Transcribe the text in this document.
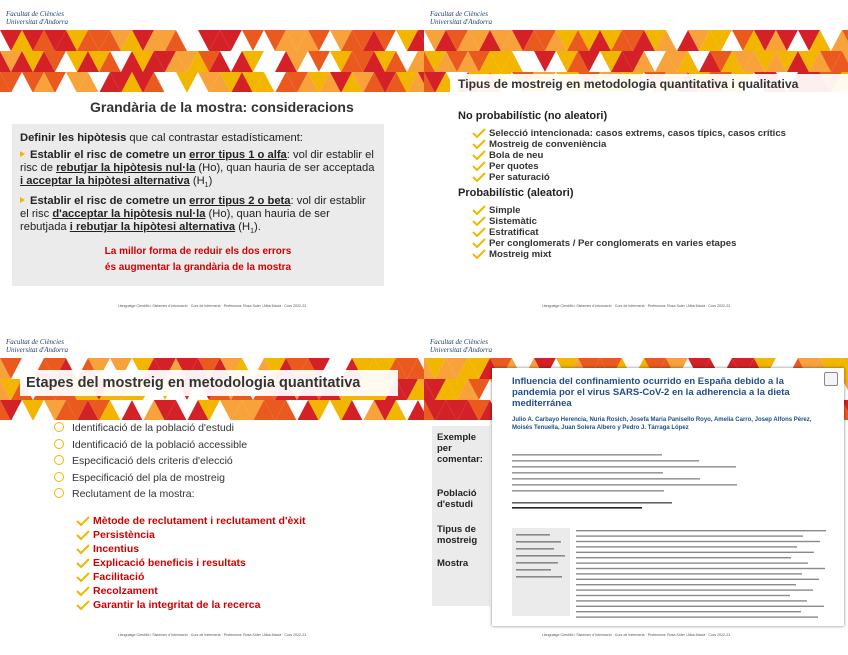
Facultat de Ciències
Universitat d'Andorra
Grandària de la mostra: consideracions
Definir les hipòtesis que cal contrastar estadísticament:
Establir el risc de cometre un error tipus 1 o alfa: vol dir establir el risc de rebutjar la hipòtesis nul·la (Ho), quan hauria de ser acceptada i acceptar la hipòtesi alternativa $(H_1)$
Establir el risc de cometre un error tipus 2 o beta: vol dir establir el risc d'acceptar la hipòtesis nul·la (Ho), quan hauria de ser rebutjada i rebutjar la hipòtesi alternativa $(H_1)$.
La millor forma de reduir els dos errors
és augmentar la grandària de la mostra
Llenguatge Científic i Sistemes d'Informació · Curs de Infermeria · Professora: Rosa Soler i Alba Macià · Curs 2022-23
Facultat de Ciències
Universitat d'Andorra
Tipus de mostreig en metodologia quantitativa i qualitativa
No probabilístic (no aleatori)
Selecció intencionada: casos extrems, casos típics, casos crítics
Mostreig de conveniència
Bola de neu
Per quotes
Per saturació
Probabilístic (aleatori)
Simple
Sistemàtic
Estratificat
Per conglomerats / Per conglomerats en varies etapes
Mostreig mixt
Llenguatge Científic i Sistemes d'Informació · Curs de Infermeria · Professora: Rosa Soler i Alba Macià · Curs 2022-23
Facultat de Ciències
Universitat d'Andorra
Etapes del mostreig en metodologia quantitativa
Identificació de la població d'estudi
Identificació de la població accessible
Especificació dels criteris d'elecció
Especificació del pla de mostreig
Reclutament de la mostra:
Mètode de reclutament i reclutament d'èxit
Persistència
Incentius
Explicació beneficis i resultats
Facilitació
Recolzament
Garantir la integritat de la recerca
Llenguatge Científic i Sistemes d'Informació · Curs de Infermeria · Professora: Rosa Soler i Alba Macià · Curs 2022-23
Facultat de Ciències
Universitat d'Andorra
Exemple per comentar:
Població d'estudi
Tipus de mostreig
Mostra
Influencia del confinamiento ocurrido en España debido a la pandemia por el virus SARS-CoV-2 en la adherencia a la dieta mediterránea
Julio A. Carbayo Herencia, Nuria Rosich, Josefa María Panisello Royo, Amelia Carro, Josep Alfons Pérez, Moisés Tenuella, Juan Solera Albero y Pedro J. Tárraga López
Llenguatge Científic i Sistemes d'Informació · Curs de Infermeria · Professora: Rosa Soler i Alba Macià · Curs 2022-23
